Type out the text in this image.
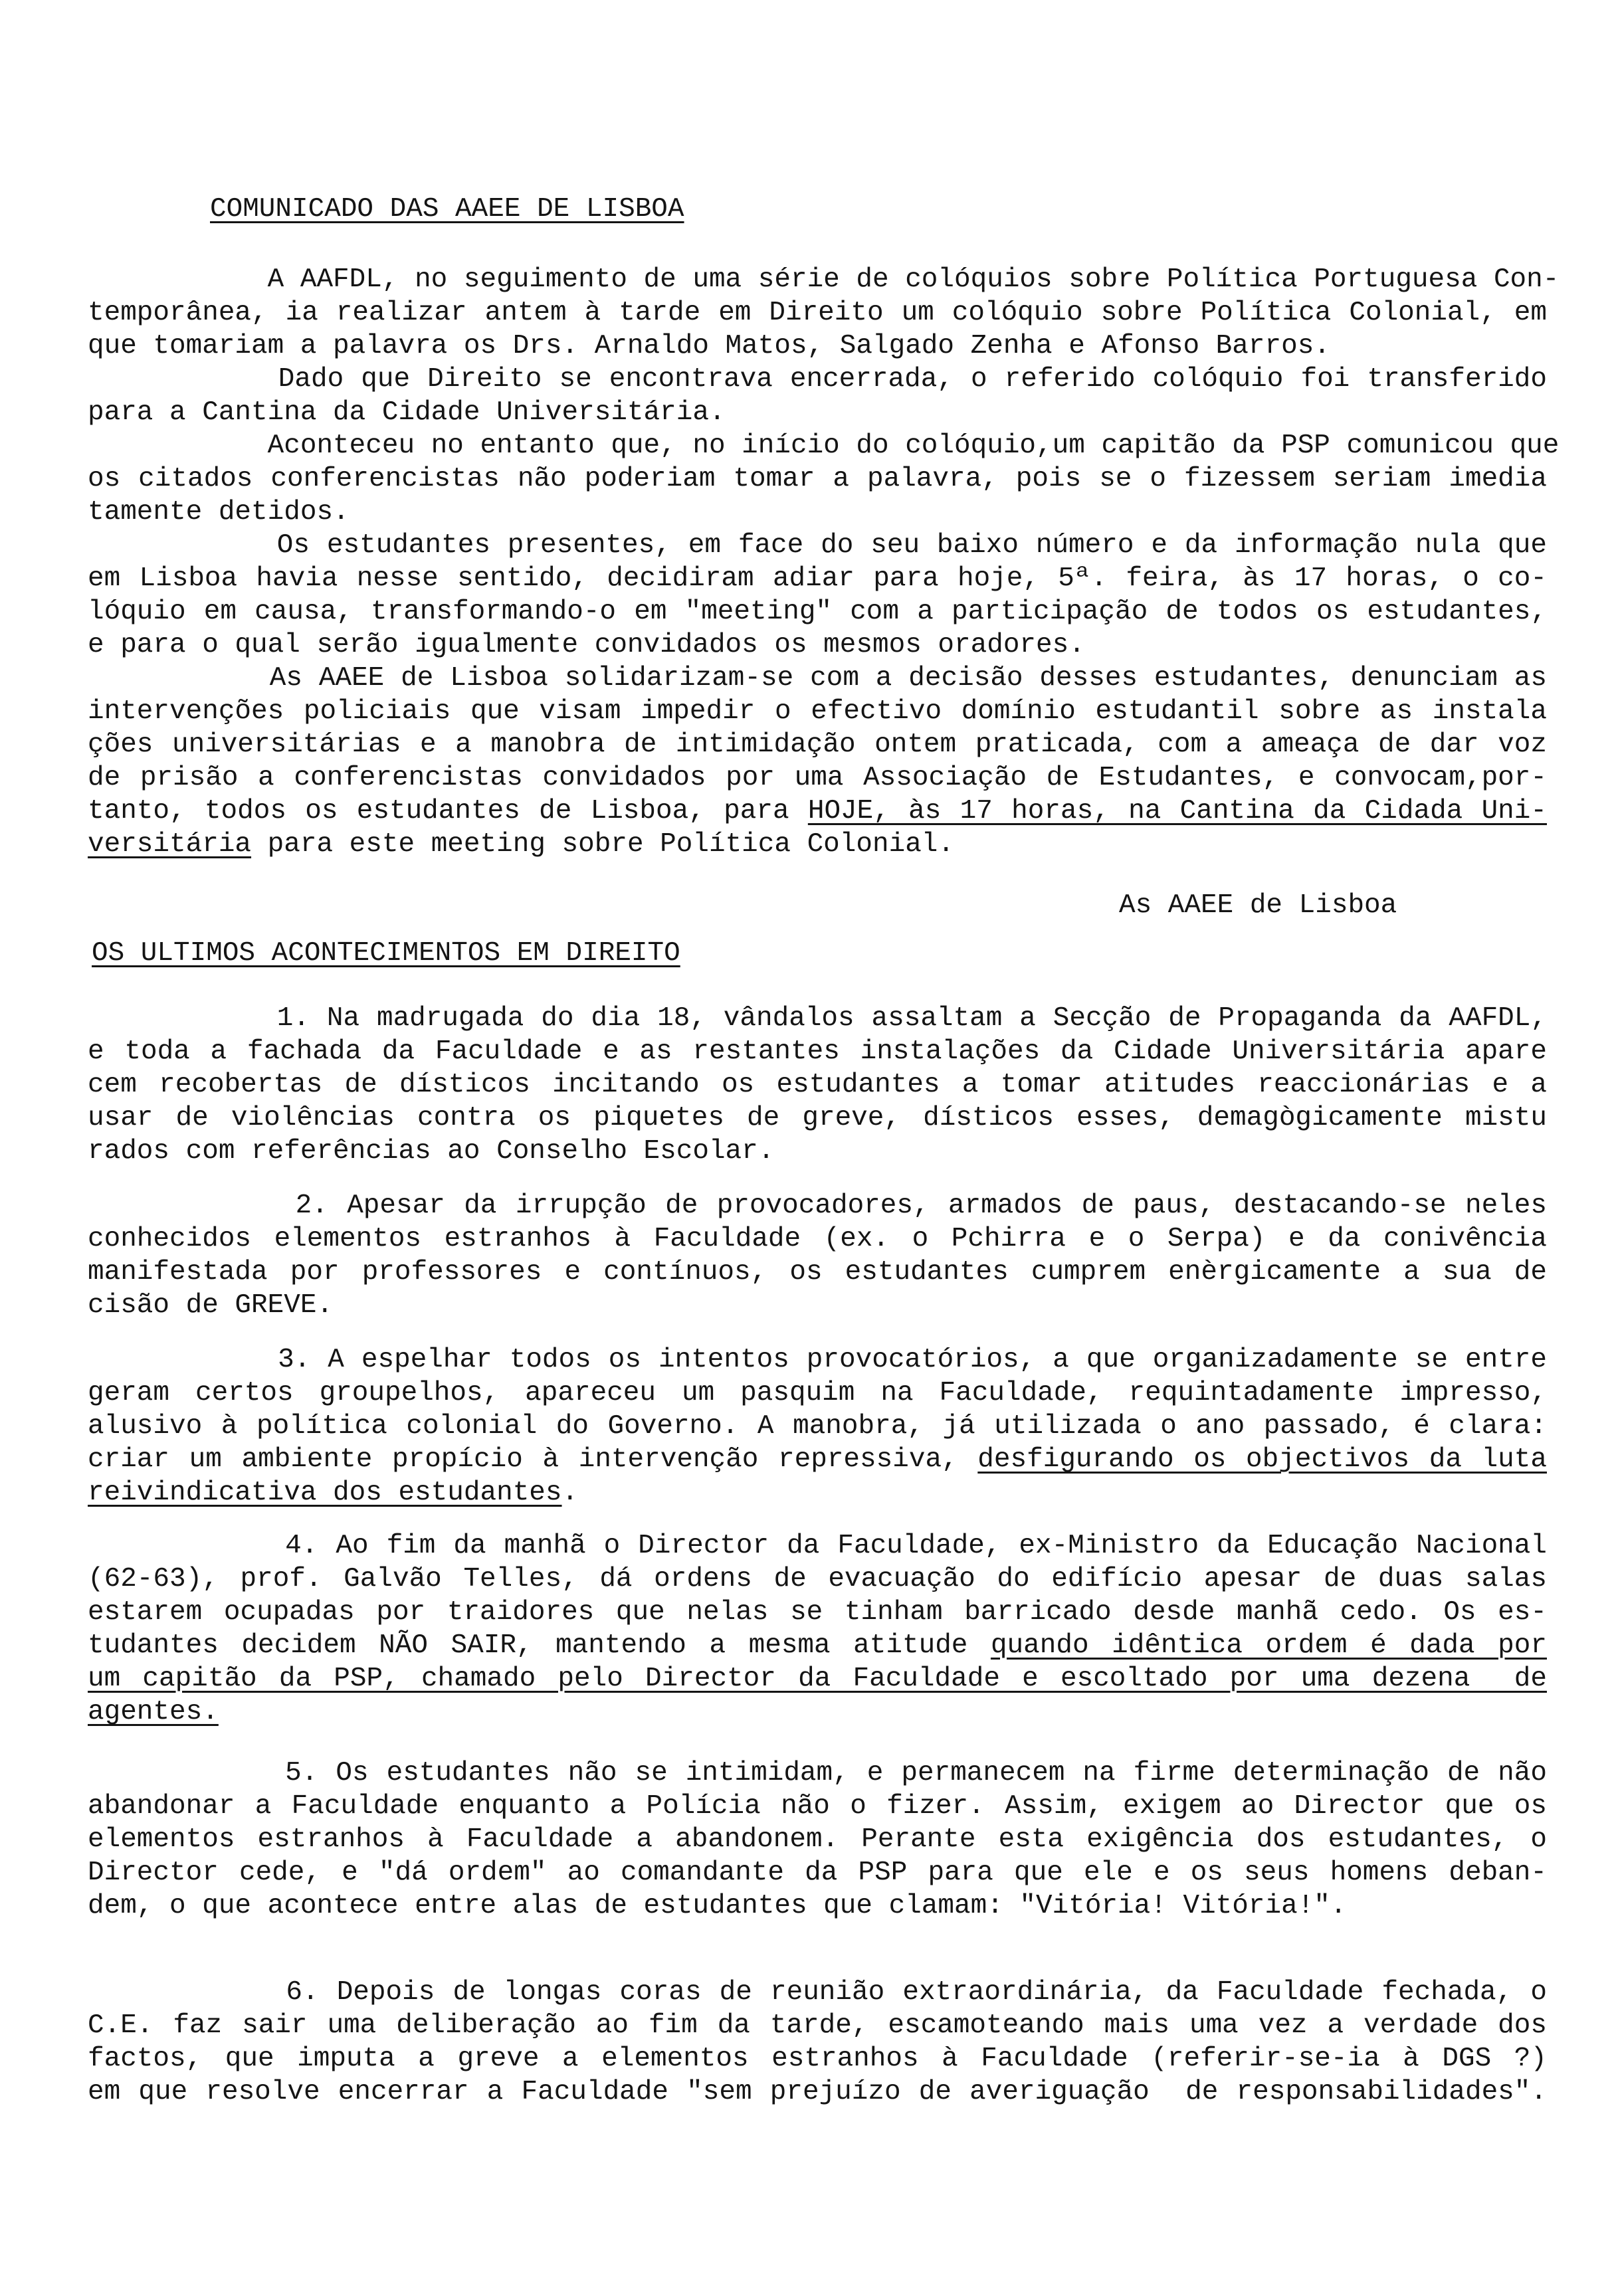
COMUNICADO DAS AAEE DE LISBOA
A AAFDL, no seguimento de uma série de colóquios sobre Política Portuguesa Con-
temporânea, ia realizar antem à tarde em Direito um colóquio sobre Política Colonial, em
que tomariam a palavra os Drs. Arnaldo Matos, Salgado Zenha e Afonso Barros.
Dado que Direito se encontrava encerrada, o referido colóquio foi transferido
para a Cantina da Cidade Universitária.
Aconteceu no entanto que, no início do colóquio,um capitão da PSP comunicou que
os citados conferencistas não poderiam tomar a palavra, pois se o fizessem seriam imedia
tamente detidos.
Os estudantes presentes, em face do seu baixo número e da informação nula que
em Lisboa havia nesse sentido, decidiram adiar para hoje, 5ª. feira, às 17 horas, o co-
lóquio em causa, transformando-o em "meeting" com a participação de todos os estudantes,
e para o qual serão igualmente convidados os mesmos oradores.
As AAEE de Lisboa solidarizam-se com a decisão desses estudantes, denunciam as
intervenções policiais que visam impedir o efectivo domínio estudantil sobre as instala
ções universitárias e a manobra de intimidação ontem praticada, com a ameaça de dar voz
de prisão a conferencistas convidados por uma Associação de Estudantes, e convocam,por-
tanto, todos os estudantes de Lisboa, para HOJE, às 17 horas, na Cantina da Cidada Uni-
versitária para este meeting sobre Política Colonial.
As AAEE de Lisboa
OS ULTIMOS ACONTECIMENTOS EM DIREITO
1. Na madrugada do dia 18, vândalos assaltam a Secção de Propaganda da AAFDL,
e toda a fachada da Faculdade e as restantes instalações da Cidade Universitária apare
cem recobertas de dísticos incitando os estudantes a tomar atitudes reaccionárias e a
usar de violências contra os piquetes de greve, dísticos esses, demagògicamente mistu
rados com referências ao Conselho Escolar.
2. Apesar da irrupção de provocadores, armados de paus, destacando-se neles
conhecidos elementos estranhos à Faculdade (ex. o Pchirra e o Serpa) e da conivência
manifestada por professores e contínuos, os estudantes cumprem enèrgicamente a sua de
cisão de GREVE.
3. A espelhar todos os intentos provocatórios, a que organizadamente se entre
geram certos groupelhos, apareceu um pasquim na Faculdade, requintadamente impresso,
alusivo à política colonial do Governo. A manobra, já utilizada o ano passado, é clara:
criar um ambiente propício à intervenção repressiva, desfigurando os objectivos da luta
reivindicativa dos estudantes.
4. Ao fim da manhã o Director da Faculdade, ex-Ministro da Educação Nacional
(62-63), prof. Galvão Telles, dá ordens de evacuação do edifício apesar de duas salas
estarem ocupadas por traidores que nelas se tinham barricado desde manhã cedo. Os es-
tudantes decidem NÃO SAIR, mantendo a mesma atitude quando idêntica ordem é dada por
um capitão da PSP, chamado pelo Director da Faculdade e escoltado por uma dezena  de
agentes.
5. Os estudantes não se intimidam, e permanecem na firme determinação de não
abandonar a Faculdade enquanto a Polícia não o fizer. Assim, exigem ao Director que os
elementos estranhos à Faculdade a abandonem. Perante esta exigência dos estudantes, o
Director cede, e "dá ordem" ao comandante da PSP para que ele e os seus homens deban-
dem, o que acontece entre alas de estudantes que clamam: "Vitória! Vitória!".
6. Depois de longas coras de reunião extraordinária, da Faculdade fechada, o
C.E. faz sair uma deliberação ao fim da tarde, escamoteando mais uma vez a verdade dos
factos, que imputa a greve a elementos estranhos à Faculdade (referir-se-ia à DGS ?)
em que resolve encerrar a Faculdade "sem prejuízo de averiguação  de responsabilidades".
